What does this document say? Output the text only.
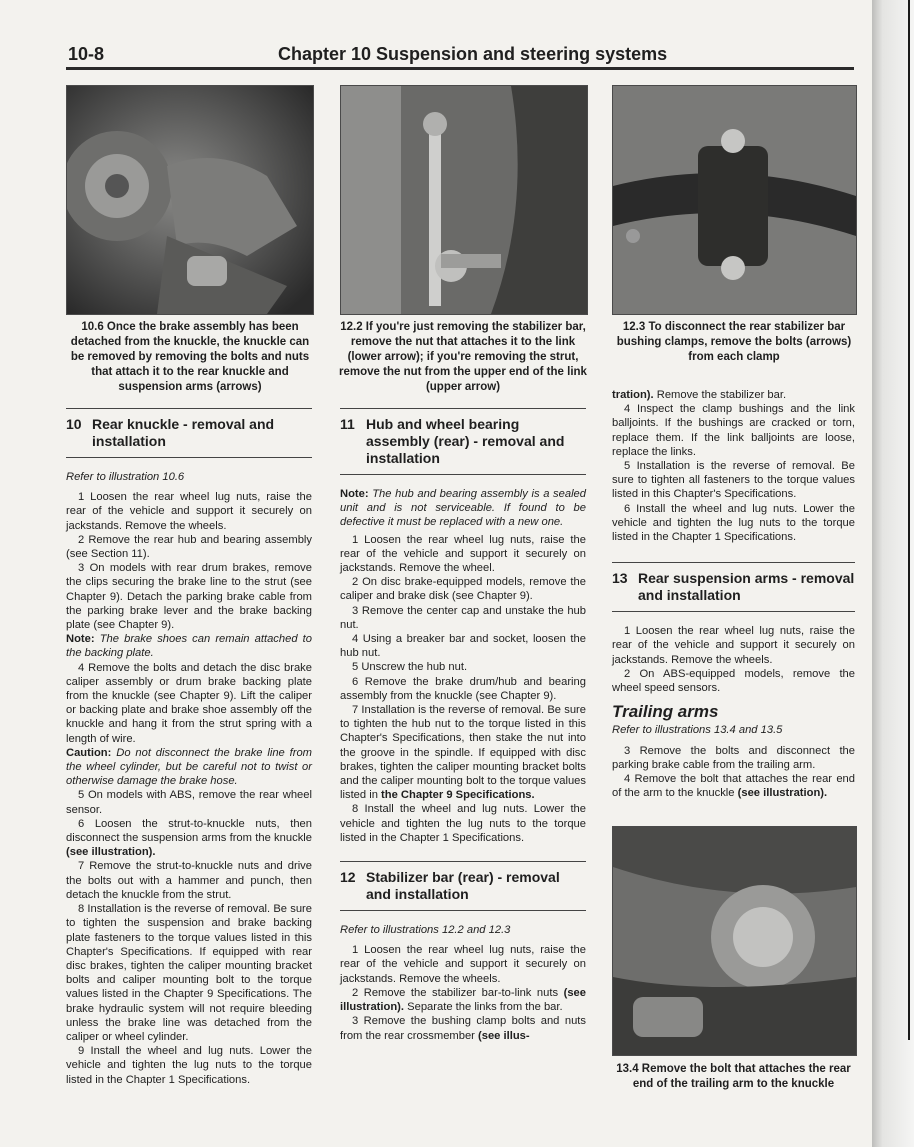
10-8	Chapter 10 Suspension and steering systems
10.6 Once the brake assembly has been detached from the knuckle, the knuckle can be removed by removing the bolts and nuts that attach it to the rear knuckle and suspension arms (arrows)
12.2 If you're just removing the stabilizer bar, remove the nut that attaches it to the link (lower arrow); if you're removing the strut, remove the nut from the upper end of the link (upper arrow)
12.3 To disconnect the rear stabilizer bar bushing clamps, remove the bolts (arrows) from each clamp
10 Rear knuckle - removal and installation

Refer to illustration 10.6

1 Loosen the rear wheel lug nuts, raise the rear of the vehicle and support it securely on jackstands. Remove the wheels.

2 Remove the rear hub and bearing assembly (see Section 11).

3 On models with rear drum brakes, remove the clips securing the brake line to the strut (see Chapter 9). Detach the parking brake cable from the parking brake lever and the brake backing plate (see Chapter 9).

Note: The brake shoes can remain attached to the backing plate.

4 Remove the bolts and detach the disc brake caliper assembly or drum brake backing plate from the knuckle (see Chapter 9). Lift the caliper or backing plate and brake shoe assembly off the knuckle and hang it from the strut spring with a length of wire.

Caution: Do not disconnect the brake line from the wheel cylinder, but be careful not to twist or otherwise damage the brake hose.

5 On models with ABS, remove the rear wheel sensor.

6 Loosen the strut-to-knuckle nuts, then disconnect the suspension arms from the knuckle (see illustration).

7 Remove the strut-to-knuckle nuts and drive the bolts out with a hammer and punch, then detach the knuckle from the strut.

8 Installation is the reverse of removal. Be sure to tighten the suspension and brake backing plate fasteners to the torque values listed in this Chapter's Specifications. If equipped with rear disc brakes, tighten the caliper mounting bracket bolts and caliper mounting bolt to the torque values listed in the Chapter 9 Specifications. The brake hydraulic system will not require bleeding unless the brake line was detached from the caliper or wheel cylinder.

9 Install the wheel and lug nuts. Lower the vehicle and tighten the lug nuts to the torque listed in the Chapter 1 Specifications.

11 Hub and wheel bearing assembly (rear) - removal and installation

Note: The hub and bearing assembly is a sealed unit and is not serviceable. If found to be defective it must be replaced with a new one.

1 Loosen the rear wheel lug nuts, raise the rear of the vehicle and support it securely on jackstands. Remove the wheel.

2 On disc brake-equipped models, remove the caliper and brake disk (see Chapter 9).

3 Remove the center cap and unstake the hub nut.

4 Using a breaker bar and socket, loosen the hub nut.

5 Unscrew the hub nut.

6 Remove the brake drum/hub and bearing assembly from the knuckle (see Chapter 9).

7 Installation is the reverse of removal. Be sure to tighten the hub nut to the torque listed in this Chapter's Specifications, then stake the nut into the groove in the spindle. If equipped with disc brakes, tighten the caliper mounting bracket bolts and the caliper mounting bolt to the torque values listed in the Chapter 9 Specifications.

8 Install the wheel and lug nuts. Lower the vehicle and tighten the lug nuts to the torque listed in the Chapter 1 Specifications.

12 Stabilizer bar (rear) - removal and installation

Refer to illustrations 12.2 and 12.3

1 Loosen the rear wheel lug nuts, raise the rear of the vehicle and support it securely on jackstands. Remove the wheels.

2 Remove the stabilizer bar-to-link nuts (see illustration). Separate the links from the bar.

3 Remove the bushing clamp bolts and nuts from the rear crossmember (see illus-

tration). Remove the stabilizer bar.

4 Inspect the clamp bushings and the link balljoints. If the bushings are cracked or torn, replace them. If the link balljoints are loose, replace the links.

5 Installation is the reverse of removal. Be sure to tighten all fasteners to the torque values listed in this Chapter's Specifications.

6 Install the wheel and lug nuts. Lower the vehicle and tighten the lug nuts to the torque listed in the Chapter 1 Specifications.

13 Rear suspension arms - removal and installation

1 Loosen the rear wheel lug nuts, raise the rear of the vehicle and support it securely on jackstands. Remove the wheels.

2 On ABS-equipped models, remove the wheel speed sensors.

Trailing arms

Refer to illustrations 13.4 and 13.5

3 Remove the bolts and disconnect the parking brake cable from the trailing arm.

4 Remove the bolt that attaches the rear end of the arm to the knuckle (see illustration).

13.4 Remove the bolt that attaches the rear end of the trailing arm to the knuckle
